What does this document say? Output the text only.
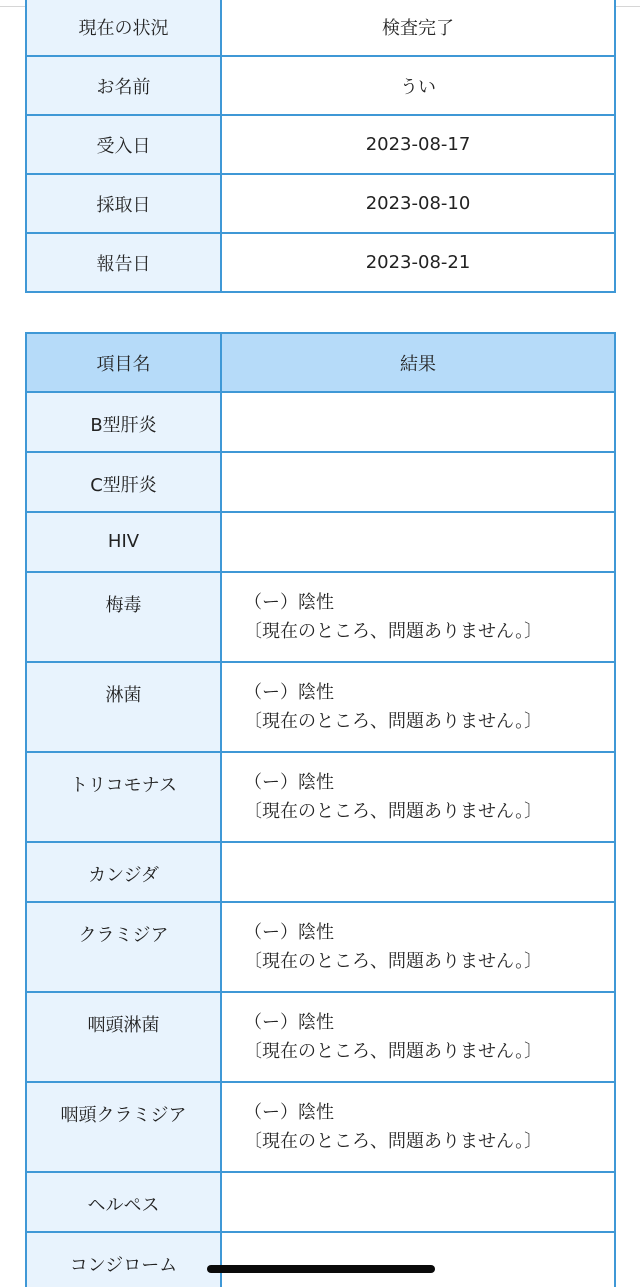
現在の状況	検査完了
お名前	うい
受入日	2023-08-17
採取日	2023-08-10
報告日	2023-08-21
項目名	結果
B型肝炎	

C型肝炎	

HIV	

梅毒	（ー）陰性
〔現在のところ、問題ありません。〕

淋菌	（ー）陰性
〔現在のところ、問題ありません。〕

トリコモナス	（ー）陰性
〔現在のところ、問題ありません。〕

カンジダ	

クラミジア	（ー）陰性
〔現在のところ、問題ありません。〕

咽頭淋菌	（ー）陰性
〔現在のところ、問題ありません。〕

咽頭クラミジア	（ー）陰性
〔現在のところ、問題ありません。〕

ヘルペス	

コンジローム	
